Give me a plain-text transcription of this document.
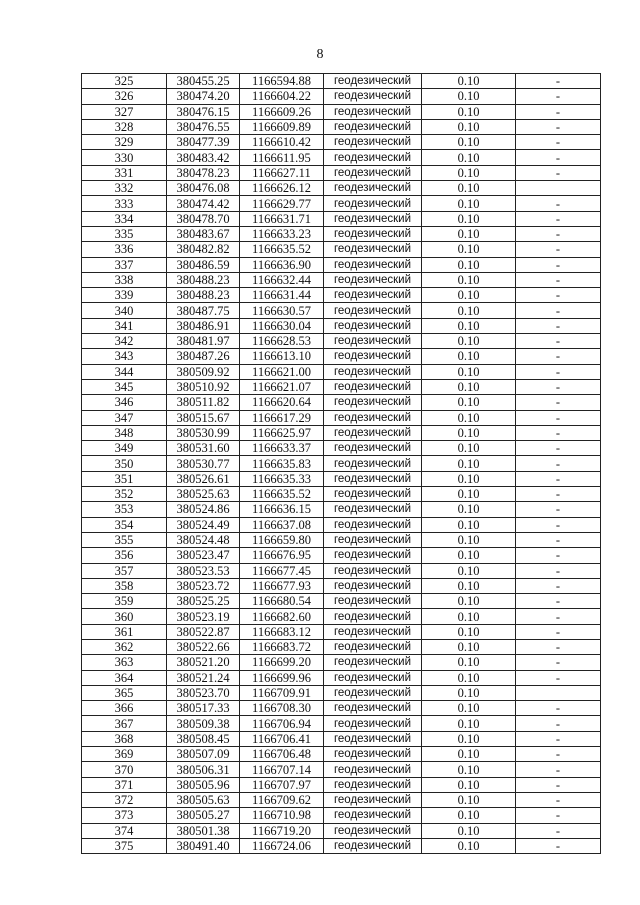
8
325	380455.25	1166594.88	геодезический	0.10	-
326	380474.20	1166604.22	геодезический	0.10	-
327	380476.15	1166609.26	геодезический	0.10	-
328	380476.55	1166609.89	геодезический	0.10	-
329	380477.39	1166610.42	геодезический	0.10	-
330	380483.42	1166611.95	геодезический	0.10	-
331	380478.23	1166627.11	геодезический	0.10	-
332	380476.08	1166626.12	геодезический	0.10	
333	380474.42	1166629.77	геодезический	0.10	-
334	380478.70	1166631.71	геодезический	0.10	-
335	380483.67	1166633.23	геодезический	0.10	-
336	380482.82	1166635.52	геодезический	0.10	-
337	380486.59	1166636.90	геодезический	0.10	-
338	380488.23	1166632.44	геодезический	0.10	-
339	380488.23	1166631.44	геодезический	0.10	-
340	380487.75	1166630.57	геодезический	0.10	-
341	380486.91	1166630.04	геодезический	0.10	-
342	380481.97	1166628.53	геодезический	0.10	-
343	380487.26	1166613.10	геодезический	0.10	-
344	380509.92	1166621.00	геодезический	0.10	-
345	380510.92	1166621.07	геодезический	0.10	-
346	380511.82	1166620.64	геодезический	0.10	-
347	380515.67	1166617.29	геодезический	0.10	-
348	380530.99	1166625.97	геодезический	0.10	-
349	380531.60	1166633.37	геодезический	0.10	-
350	380530.77	1166635.83	геодезический	0.10	-
351	380526.61	1166635.33	геодезический	0.10	-
352	380525.63	1166635.52	геодезический	0.10	-
353	380524.86	1166636.15	геодезический	0.10	-
354	380524.49	1166637.08	геодезический	0.10	-
355	380524.48	1166659.80	геодезический	0.10	-
356	380523.47	1166676.95	геодезический	0.10	-
357	380523.53	1166677.45	геодезический	0.10	-
358	380523.72	1166677.93	геодезический	0.10	-
359	380525.25	1166680.54	геодезический	0.10	-
360	380523.19	1166682.60	геодезический	0.10	-
361	380522.87	1166683.12	геодезический	0.10	-
362	380522.66	1166683.72	геодезический	0.10	-
363	380521.20	1166699.20	геодезический	0.10	-
364	380521.24	1166699.96	геодезический	0.10	-
365	380523.70	1166709.91	геодезический	0.10	
366	380517.33	1166708.30	геодезический	0.10	-
367	380509.38	1166706.94	геодезический	0.10	-
368	380508.45	1166706.41	геодезический	0.10	-
369	380507.09	1166706.48	геодезический	0.10	-
370	380506.31	1166707.14	геодезический	0.10	-
371	380505.96	1166707.97	геодезический	0.10	-
372	380505.63	1166709.62	геодезический	0.10	-
373	380505.27	1166710.98	геодезический	0.10	-
374	380501.38	1166719.20	геодезический	0.10	-
375	380491.40	1166724.06	геодезический	0.10	-
